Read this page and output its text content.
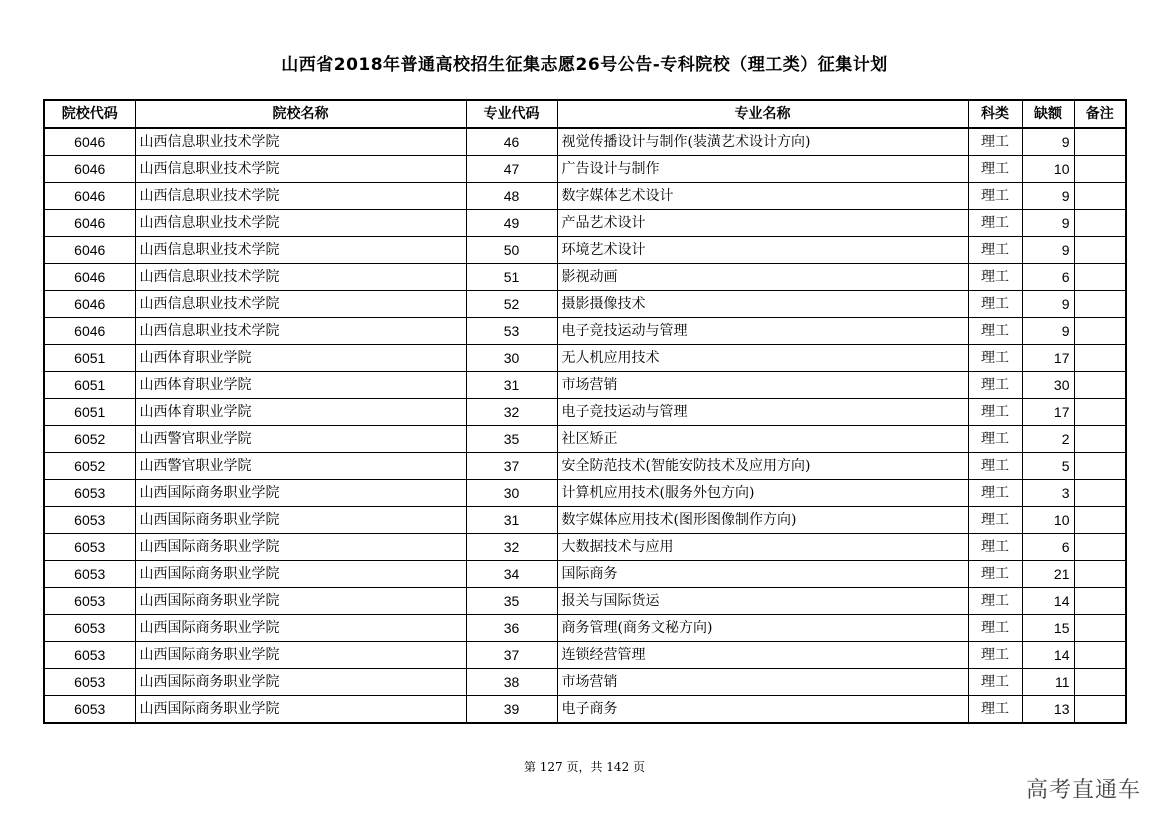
山西省2018年普通高校招生征集志愿26号公告-专科院校（理工类）征集计划
院校代码	院校名称	专业代码	专业名称	科类	缺额	备注
6046	山西信息职业技术学院	46	视觉传播设计与制作(装潢艺术设计方向)	理工	9	
6046	山西信息职业技术学院	47	广告设计与制作	理工	10	
6046	山西信息职业技术学院	48	数字媒体艺术设计	理工	9	
6046	山西信息职业技术学院	49	产品艺术设计	理工	9	
6046	山西信息职业技术学院	50	环境艺术设计	理工	9	
6046	山西信息职业技术学院	51	影视动画	理工	6	
6046	山西信息职业技术学院	52	摄影摄像技术	理工	9	
6046	山西信息职业技术学院	53	电子竞技运动与管理	理工	9	
6051	山西体育职业学院	30	无人机应用技术	理工	17	
6051	山西体育职业学院	31	市场营销	理工	30	
6051	山西体育职业学院	32	电子竞技运动与管理	理工	17	
6052	山西警官职业学院	35	社区矫正	理工	2	
6052	山西警官职业学院	37	安全防范技术(智能安防技术及应用方向)	理工	5	
6053	山西国际商务职业学院	30	计算机应用技术(服务外包方向)	理工	3	
6053	山西国际商务职业学院	31	数字媒体应用技术(图形图像制作方向)	理工	10	
6053	山西国际商务职业学院	32	大数据技术与应用	理工	6	
6053	山西国际商务职业学院	34	国际商务	理工	21	
6053	山西国际商务职业学院	35	报关与国际货运	理工	14	
6053	山西国际商务职业学院	36	商务管理(商务文秘方向)	理工	15	
6053	山西国际商务职业学院	37	连锁经营管理	理工	14	
6053	山西国际商务职业学院	38	市场营销	理工	11	
6053	山西国际商务职业学院	39	电子商务	理工	13	
第 127 页，共 142 页
高考直通车
